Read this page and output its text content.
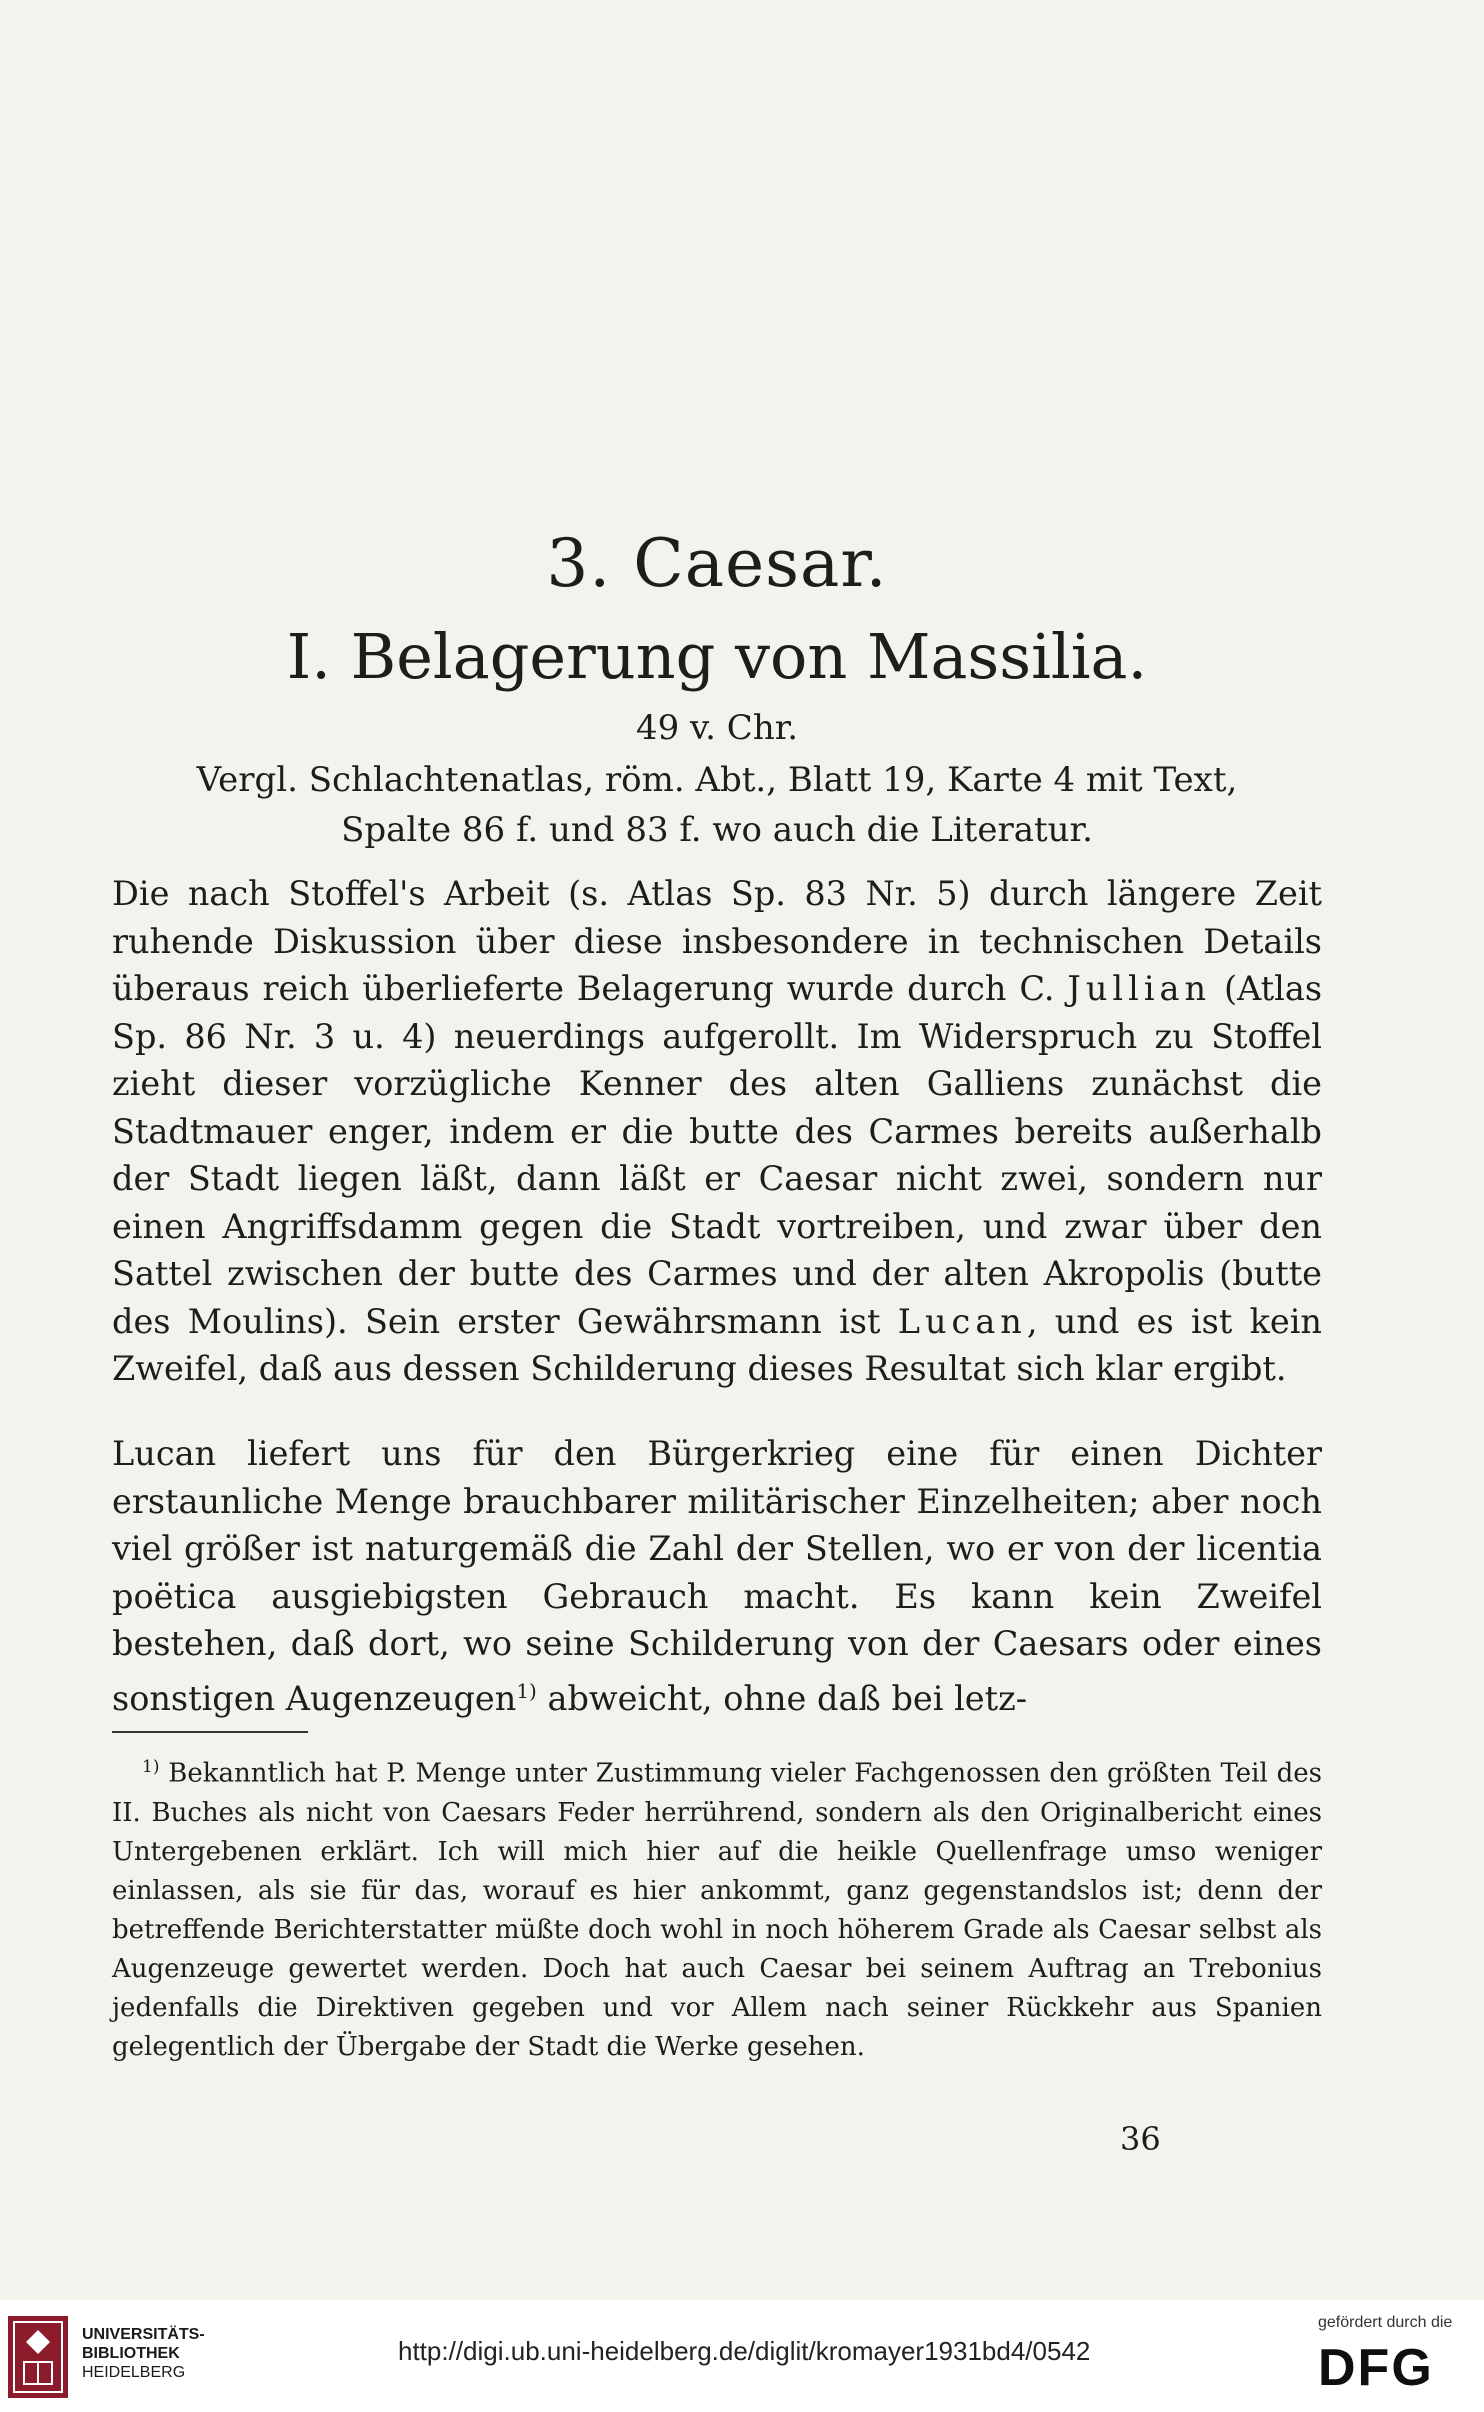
3. Caesar.
I. Belagerung von Massilia.
49 v. Chr.
Vergl. Schlachtenatlas, röm. Abt., Blatt 19, Karte 4 mit Text,
Spalte 86 f. und 83 f. wo auch die Literatur.

Die nach Stoffel's Arbeit (s. Atlas Sp. 83 Nr. 5) durch längere Zeit ruhende Diskussion über diese insbesondere in technischen Details überaus reich überlieferte Belagerung wurde durch C. Jullian (Atlas Sp. 86 Nr. 3 u. 4) neuerdings aufgerollt. Im Widerspruch zu Stoffel zieht dieser vorzügliche Kenner des alten Galliens zunächst die Stadtmauer enger, indem er die butte des Carmes bereits außerhalb der Stadt liegen läßt, dann läßt er Caesar nicht zwei, sondern nur einen Angriffsdamm gegen die Stadt vortreiben, und zwar über den Sattel zwischen der butte des Carmes und der alten Akropolis (butte des Moulins). Sein erster Gewährsmann ist Lucan, und es ist kein Zweifel, daß aus dessen Schilderung dieses Resultat sich klar ergibt.

Lucan liefert uns für den Bürgerkrieg eine für einen Dichter erstaunliche Menge brauchbarer militärischer Einzelheiten; aber noch viel größer ist naturgemäß die Zahl der Stellen, wo er von der licentia poëtica ausgiebigsten Gebrauch macht. Es kann kein Zweifel bestehen, daß dort, wo seine Schilderung von der Caesars oder eines sonstigen Augenzeugen$^{1)}$ abweicht, ohne daß bei letz-

$^{1)}$ Bekanntlich hat P. Menge unter Zustimmung vieler Fachgenossen den größten Teil des II. Buches als nicht von Caesars Feder herrührend, sondern als den Originalbericht eines Untergebenen erklärt. Ich will mich hier auf die heikle Quellenfrage umso weniger einlassen, als sie für das, worauf es hier ankommt, ganz gegenstandslos ist; denn der betreffende Berichterstatter müßte doch wohl in noch höherem Grade als Caesar selbst als Augenzeuge gewertet werden. Doch hat auch Caesar bei seinem Auftrag an Trebonius jedenfalls die Direktiven gegeben und vor Allem nach seiner Rückkehr aus Spanien gelegentlich der Übergabe der Stadt die Werke gesehen.

36
UNIVERSITÄTS-
BIBLIOTHEK
HEIDELBERG
http://digi.ub.uni-heidelberg.de/diglit/kromayer1931bd4/0542
gefördert durch die
DFG
